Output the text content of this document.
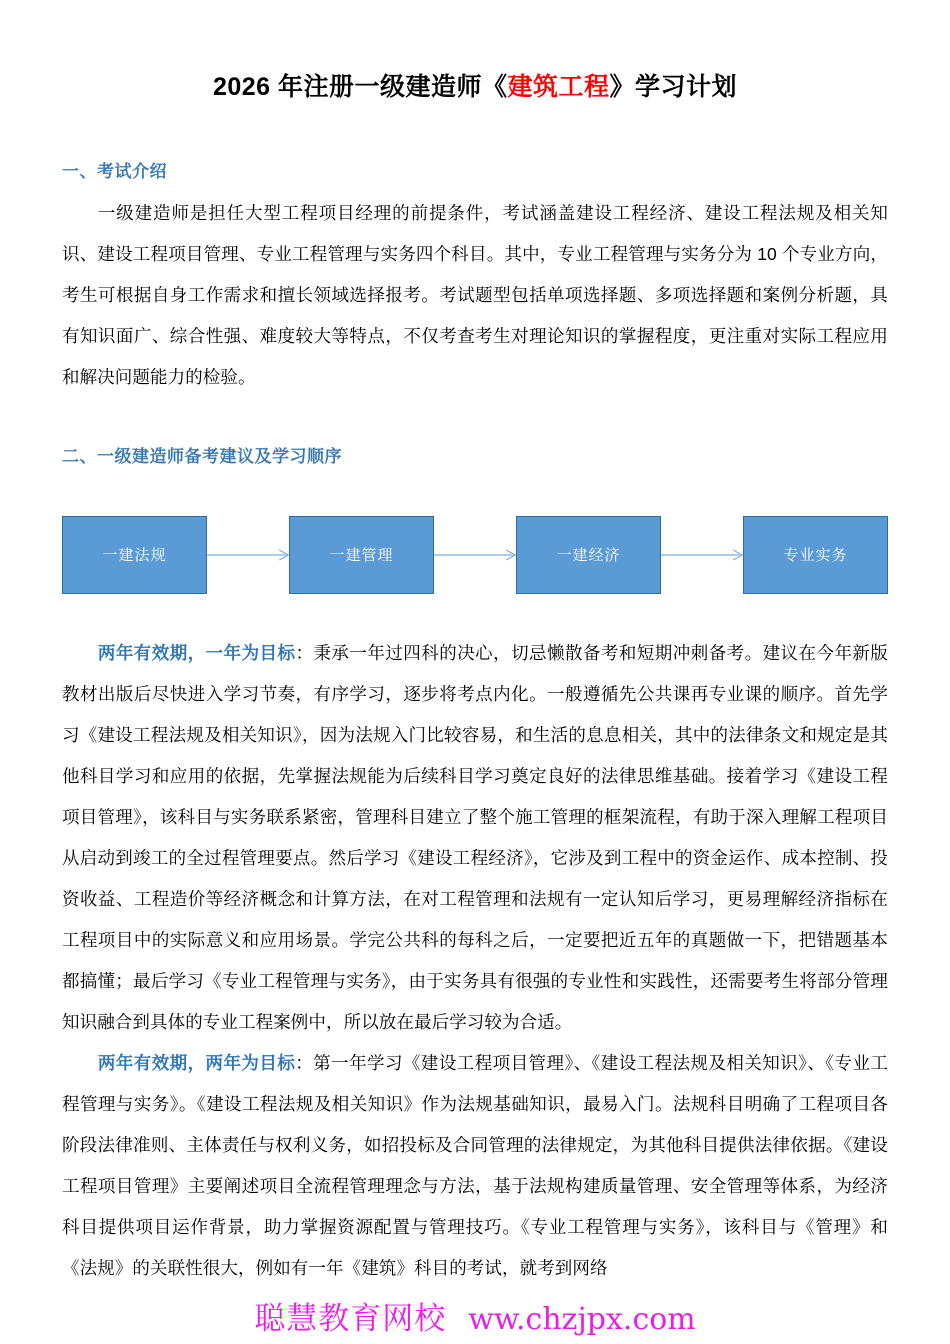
2026 年注册一级建造师《建筑工程》学习计划
一、考试介绍

一级建造师是担任大型工程项目经理的前提条件，考试涵盖建设工程经济、建设工程法规及相关知识、建设工程项目管理、专业工程管理与实务四个科目。其中，专业工程管理与实务分为 10 个专业方向，考生可根据自身工作需求和擅长领域选择报考。考试题型包括单项选择题、多项选择题和案例分析题，具有知识面广、综合性强、难度较大等特点，不仅考查考生对理论知识的掌握程度，更注重对实际工程应用和解决问题能力的检验。

二、一级建造师备考建议及学习顺序
一建法规	一建管理	一建经济	专业实务

两年有效期，一年为目标：秉承一年过四科的决心，切忌懒散备考和短期冲刺备考。建议在今年新版教材出版后尽快进入学习节奏，有序学习，逐步将考点内化。一般遵循先公共课再专业课的顺序。首先学习《建设工程法规及相关知识》，因为法规入门比较容易，和生活的息息相关，其中的法律条文和规定是其他科目学习和应用的依据，先掌握法规能为后续科目学习奠定良好的法律思维基础。接着学习《建设工程项目管理》，该科目与实务联系紧密，管理科目建立了整个施工管理的框架流程，有助于深入理解工程项目从启动到竣工的全过程管理要点。然后学习《建设工程经济》，它涉及到工程中的资金运作、成本控制、投资收益、工程造价等经济概念和计算方法，在对工程管理和法规有一定认知后学习，更易理解经济指标在工程项目中的实际意义和应用场景。学完公共科的每科之后，一定要把近五年的真题做一下，把错题基本都搞懂；最后学习《专业工程管理与实务》，由于实务具有很强的专业性和实践性，还需要考生将部分管理知识融合到具体的专业工程案例中，所以放在最后学习较为合适。

两年有效期，两年为目标：第一年学习《建设工程项目管理》、《建设工程法规及相关知识》、《专业工程管理与实务》。《建设工程法规及相关知识》作为法规基础知识，最易入门。法规科目明确了工程项目各阶段法律准则、主体责任与权利义务，如招投标及合同管理的法律规定，为其他科目提供法律依据。《建设工程项目管理》主要阐述项目全流程管理理念与方法，基于法规构建质量管理、安全管理等体系，为经济科目提供项目运作背景，助力掌握资源配置与管理技巧。《专业工程管理与实务》，该科目与《管理》和《法规》的关联性很大，例如有一年《建筑》科目的考试，就考到网络

聪慧教育网校 ww.chzjpx.com
